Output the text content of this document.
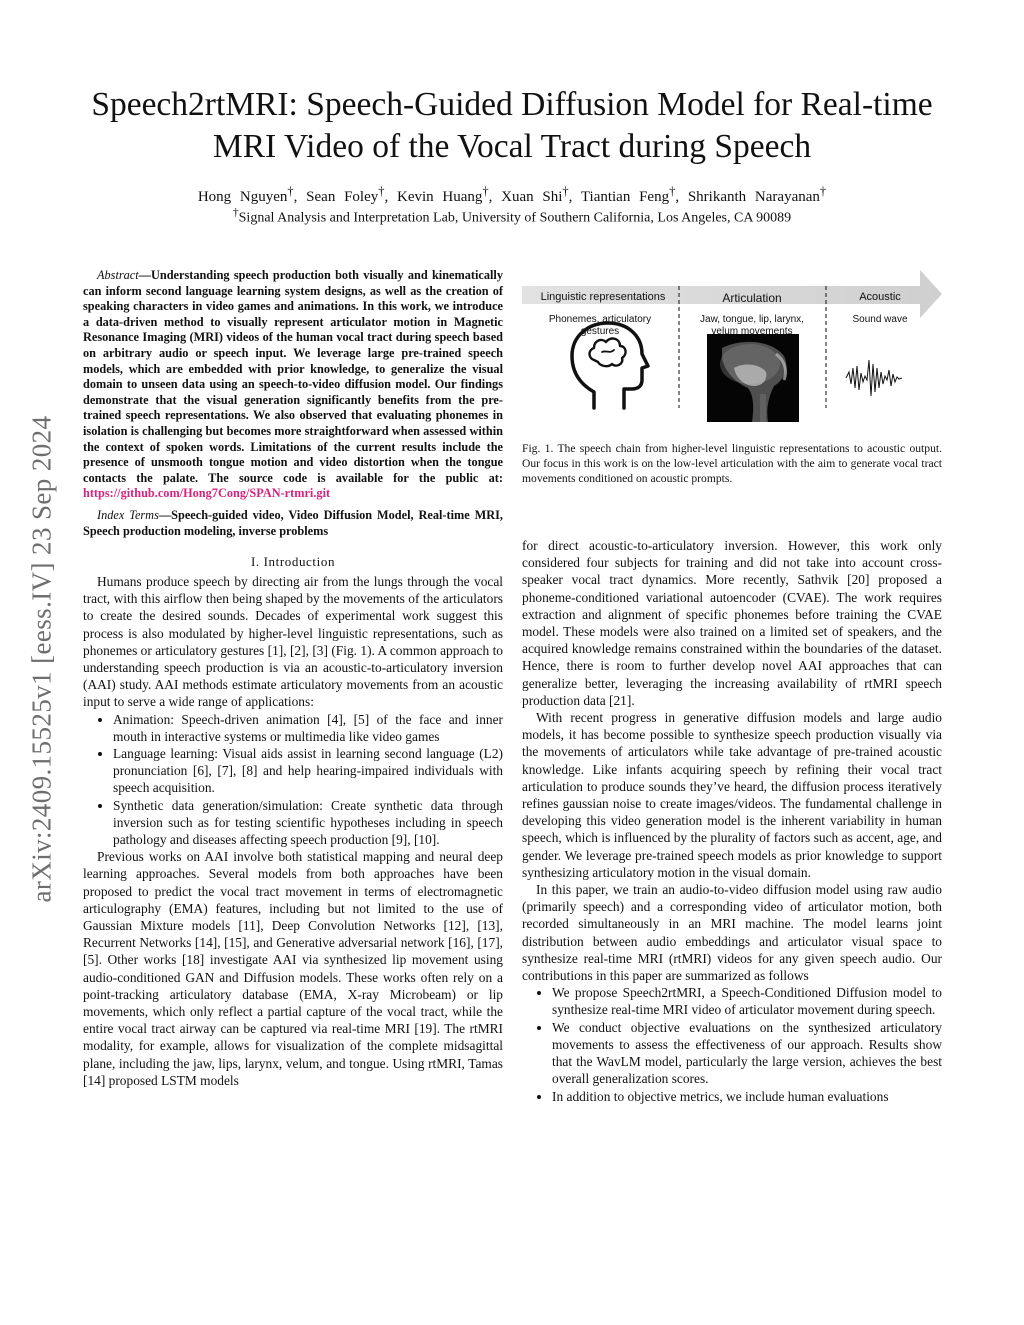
arXiv:2409.15525v1 [eess.IV] 23 Sep 2024
Speech2rtMRI: Speech-Guided Diffusion Model for Real-time MRI Video of the Vocal Tract during Speech
Hong Nguyen†, Sean Foley†, Kevin Huang†, Xuan Shi†, Tiantian Feng†, Shrikanth Narayanan†
†Signal Analysis and Interpretation Lab, University of Southern California, Los Angeles, CA 90089
Abstract—Understanding speech production both visually and kinematically can inform second language learning system designs, as well as the creation of speaking characters in video games and animations. In this work, we introduce a data-driven method to visually represent articulator motion in Magnetic Resonance Imaging (MRI) videos of the human vocal tract during speech based on arbitrary audio or speech input. We leverage large pre-trained speech models, which are embedded with prior knowledge, to generalize the visual domain to unseen data using an speech-to-video diffusion model. Our findings demonstrate that the visual generation significantly benefits from the pre-trained speech representations. We also observed that evaluating phonemes in isolation is challenging but becomes more straightforward when assessed within the context of spoken words. Limitations of the current results include the presence of unsmooth tongue motion and video distortion when the tongue contacts the palate. The source code is available for the public at: https://github.com/Hong7Cong/SPAN-rtmri.git
Index Terms—Speech-guided video, Video Diffusion Model, Real-time MRI, Speech production modeling, inverse problems
I. Introduction

Humans produce speech by directing air from the lungs through the vocal tract, with this airflow then being shaped by the movements of the articulators to create the desired sounds. Decades of experimental work suggest this process is also modulated by higher-level linguistic representations, such as phonemes or articulatory gestures [1], [2], [3] (Fig. 1). A common approach to understanding speech production is via an acoustic-to-articulatory inversion (AAI) study. AAI methods estimate articulatory movements from an acoustic input to serve a wide range of applications:

• Animation: Speech-driven animation [4], [5] of the face and inner mouth in interactive systems or multimedia like video games
• Language learning: Visual aids assist in learning second language (L2) pronunciation [6], [7], [8] and help hearing-impaired individuals with speech acquisition.
• Synthetic data generation/simulation: Create synthetic data through inversion such as for testing scientific hypotheses including in speech pathology and diseases affecting speech production [9], [10].

Previous works on AAI involve both statistical mapping and neural deep learning approaches. Several models from both approaches have been proposed to predict the vocal tract movement in terms of electromagnetic articulography (EMA) features, including but not limited to the use of Gaussian Mixture models [11], Deep Convolution Networks [12], [13], Recurrent Networks [14], [15], and Generative adversarial network [16], [17], [5]. Other works [18] investigate AAI via synthesized lip movement using audio-conditioned GAN and Diffusion models. These works often rely on a point-tracking articulatory database (EMA, X-ray Microbeam) or lip movements, which only reflect a partial capture of the vocal tract, while the entire vocal tract airway can be captured via real-time MRI [19]. The rtMRI modality, for example, allows for visualization of the complete midsagittal plane, including the jaw, lips, larynx, velum, and tongue. Using rtMRI, Tamas [14] proposed LSTM models

Linguistic representations	Articulation	Acoustic
Phonemes, articulatory gestures
Jaw, tongue, lip, larynx, velum movements
Sound wave
Fig. 1. The speech chain from higher-level linguistic representations to acoustic output. Our focus in this work is on the low-level articulation with the aim to generate vocal tract movements conditioned on acoustic prompts.

for direct acoustic-to-articulatory inversion. However, this work only considered four subjects for training and did not take into account cross-speaker vocal tract dynamics. More recently, Sathvik [20] proposed a phoneme-conditioned variational autoencoder (CVAE). The work requires extraction and alignment of specific phonemes before training the CVAE model. These models were also trained on a limited set of speakers, and the acquired knowledge remains constrained within the boundaries of the dataset. Hence, there is room to further develop novel AAI approaches that can generalize better, leveraging the increasing availability of rtMRI speech production data [21].

With recent progress in generative diffusion models and large audio models, it has become possible to synthesize speech production visually via the movements of articulators while take advantage of pre-trained acoustic knowledge. Like infants acquiring speech by refining their vocal tract articulation to produce sounds they’ve heard, the diffusion process iteratively refines gaussian noise to create images/videos. The fundamental challenge in developing this video generation model is the inherent variability in human speech, which is influenced by the plurality of factors such as accent, age, and gender. We leverage pre-trained speech models as prior knowledge to support synthesizing articulatory motion in the visual domain.

In this paper, we train an audio-to-video diffusion model using raw audio (primarily speech) and a corresponding video of articulator motion, both recorded simultaneously in an MRI machine. The model learns joint distribution between audio embeddings and articulator visual space to synthesize real-time MRI (rtMRI) videos for any given speech audio. Our contributions in this paper are summarized as follows

• We propose Speech2rtMRI, a Speech-Conditioned Diffusion model to synthesize real-time MRI video of articulator movement during speech.
• We conduct objective evaluations on the synthesized articulatory movements to assess the effectiveness of our approach. Results show that the WavLM model, particularly the large version, achieves the best overall generalization scores.
• In addition to objective metrics, we include human evaluations
